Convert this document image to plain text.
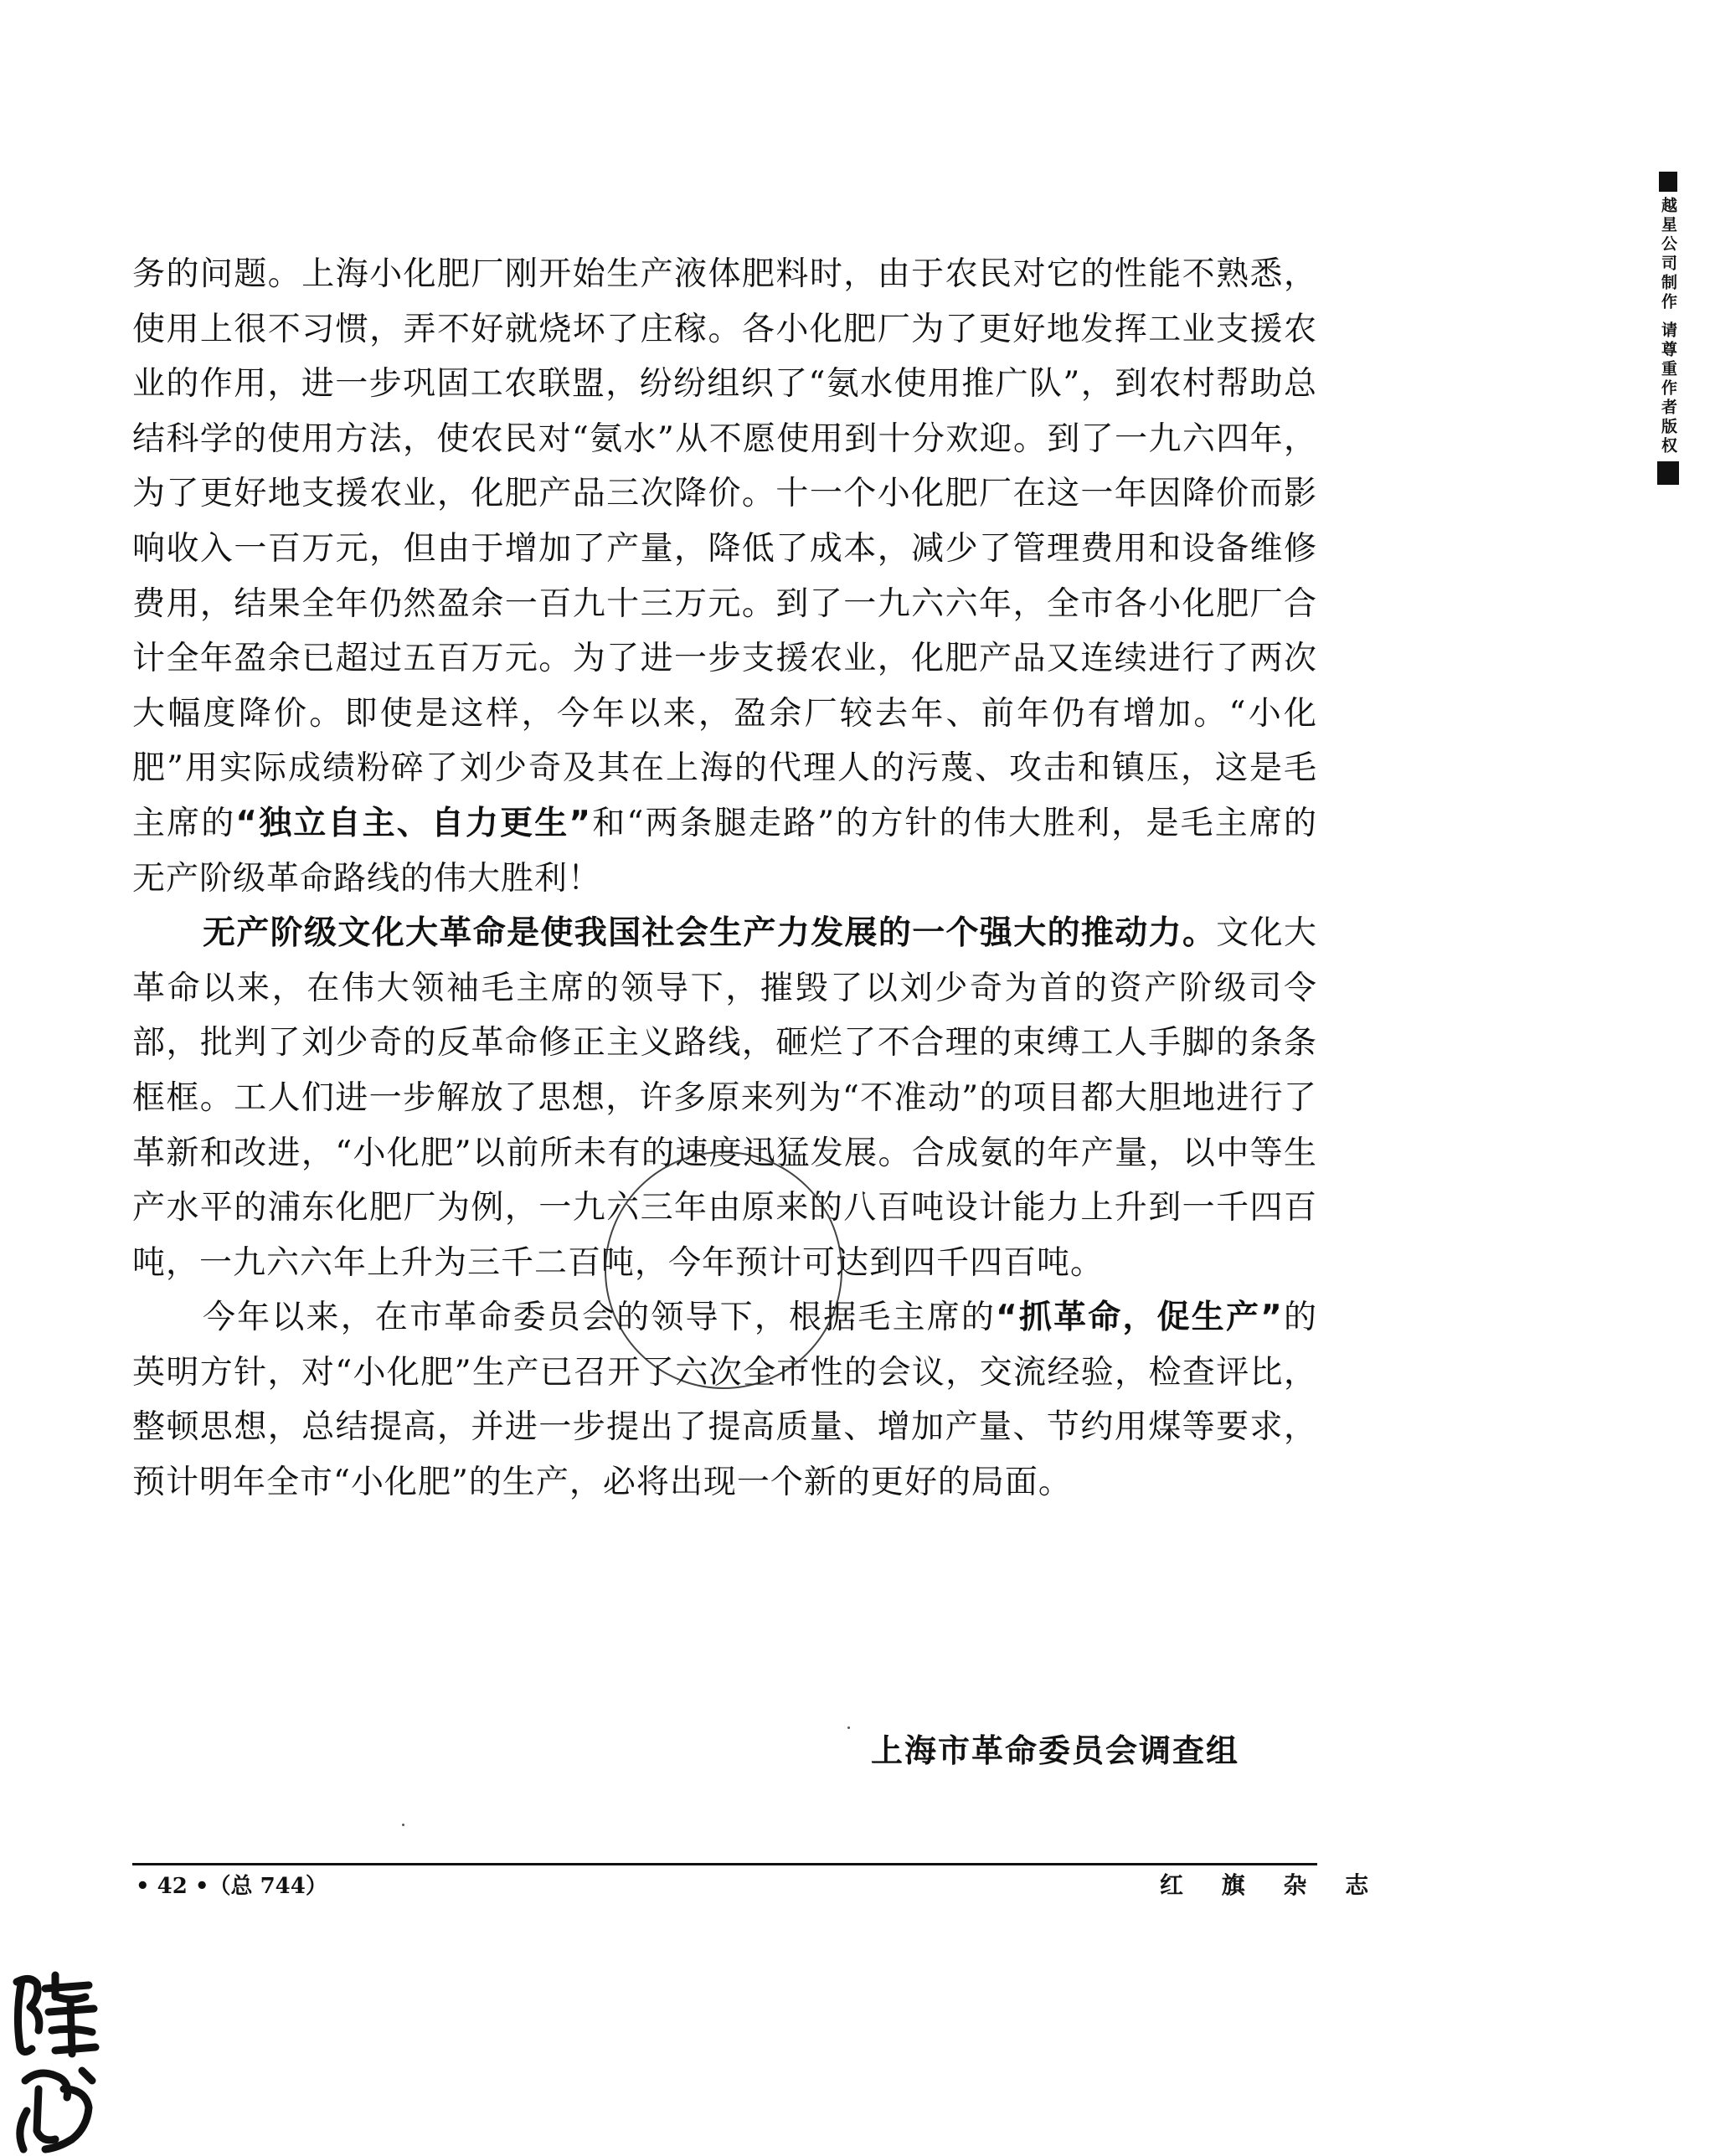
务的问题。上海小化肥厂刚开始生产液体肥料时，由于农民对它的性能不熟悉，使用上很不习惯，弄不好就烧坏了庄稼。各小化肥厂为了更好地发挥工业支援农业的作用，进一步巩固工农联盟，纷纷组织了“氨水使用推广队”，到农村帮助总结科学的使用方法，使农民对“氨水”从不愿使用到十分欢迎。到了一九六四年，为了更好地支援农业，化肥产品三次降价。十一个小化肥厂在这一年因降价而影响收入一百万元，但由于增加了产量，降低了成本，减少了管理费用和设备维修费用，结果全年仍然盈余一百九十三万元。到了一九六六年，全市各小化肥厂合计全年盈余已超过五百万元。为了进一步支援农业，化肥产品又连续进行了两次大幅度降价。即使是这样，今年以来，盈余厂较去年、前年仍有增加。“小化肥”用实际成绩粉碎了刘少奇及其在上海的代理人的污蔑、攻击和镇压，这是毛主席的“独立自主、自力更生”和“两条腿走路”的方针的伟大胜利，是毛主席的无产阶级革命路线的伟大胜利！

无产阶级文化大革命是使我国社会生产力发展的一个强大的推动力。文化大革命以来，在伟大领袖毛主席的领导下，摧毁了以刘少奇为首的资产阶级司令部，批判了刘少奇的反革命修正主义路线，砸烂了不合理的束缚工人手脚的条条框框。工人们进一步解放了思想，许多原来列为“不准动”的项目都大胆地进行了革新和改进，“小化肥”以前所未有的速度迅猛发展。合成氨的年产量，以中等生产水平的浦东化肥厂为例，一九六三年由原来的八百吨设计能力上升到一千四百吨，一九六六年上升为三千二百吨，今年预计可达到四千四百吨。

今年以来，在市革命委员会的领导下，根据毛主席的“抓革命，促生产”的英明方针，对“小化肥”生产已召开了六次全市性的会议，交流经验，检查评比，整顿思想，总结提高，并进一步提出了提高质量、增加产量、节约用煤等要求，预计明年全市“小化肥”的生产，必将出现一个新的更好的局面。

上海市革命委员会调查组
• 42 •（总 744）	红 旗 杂 志
越星公司制作 请尊重作者版权
